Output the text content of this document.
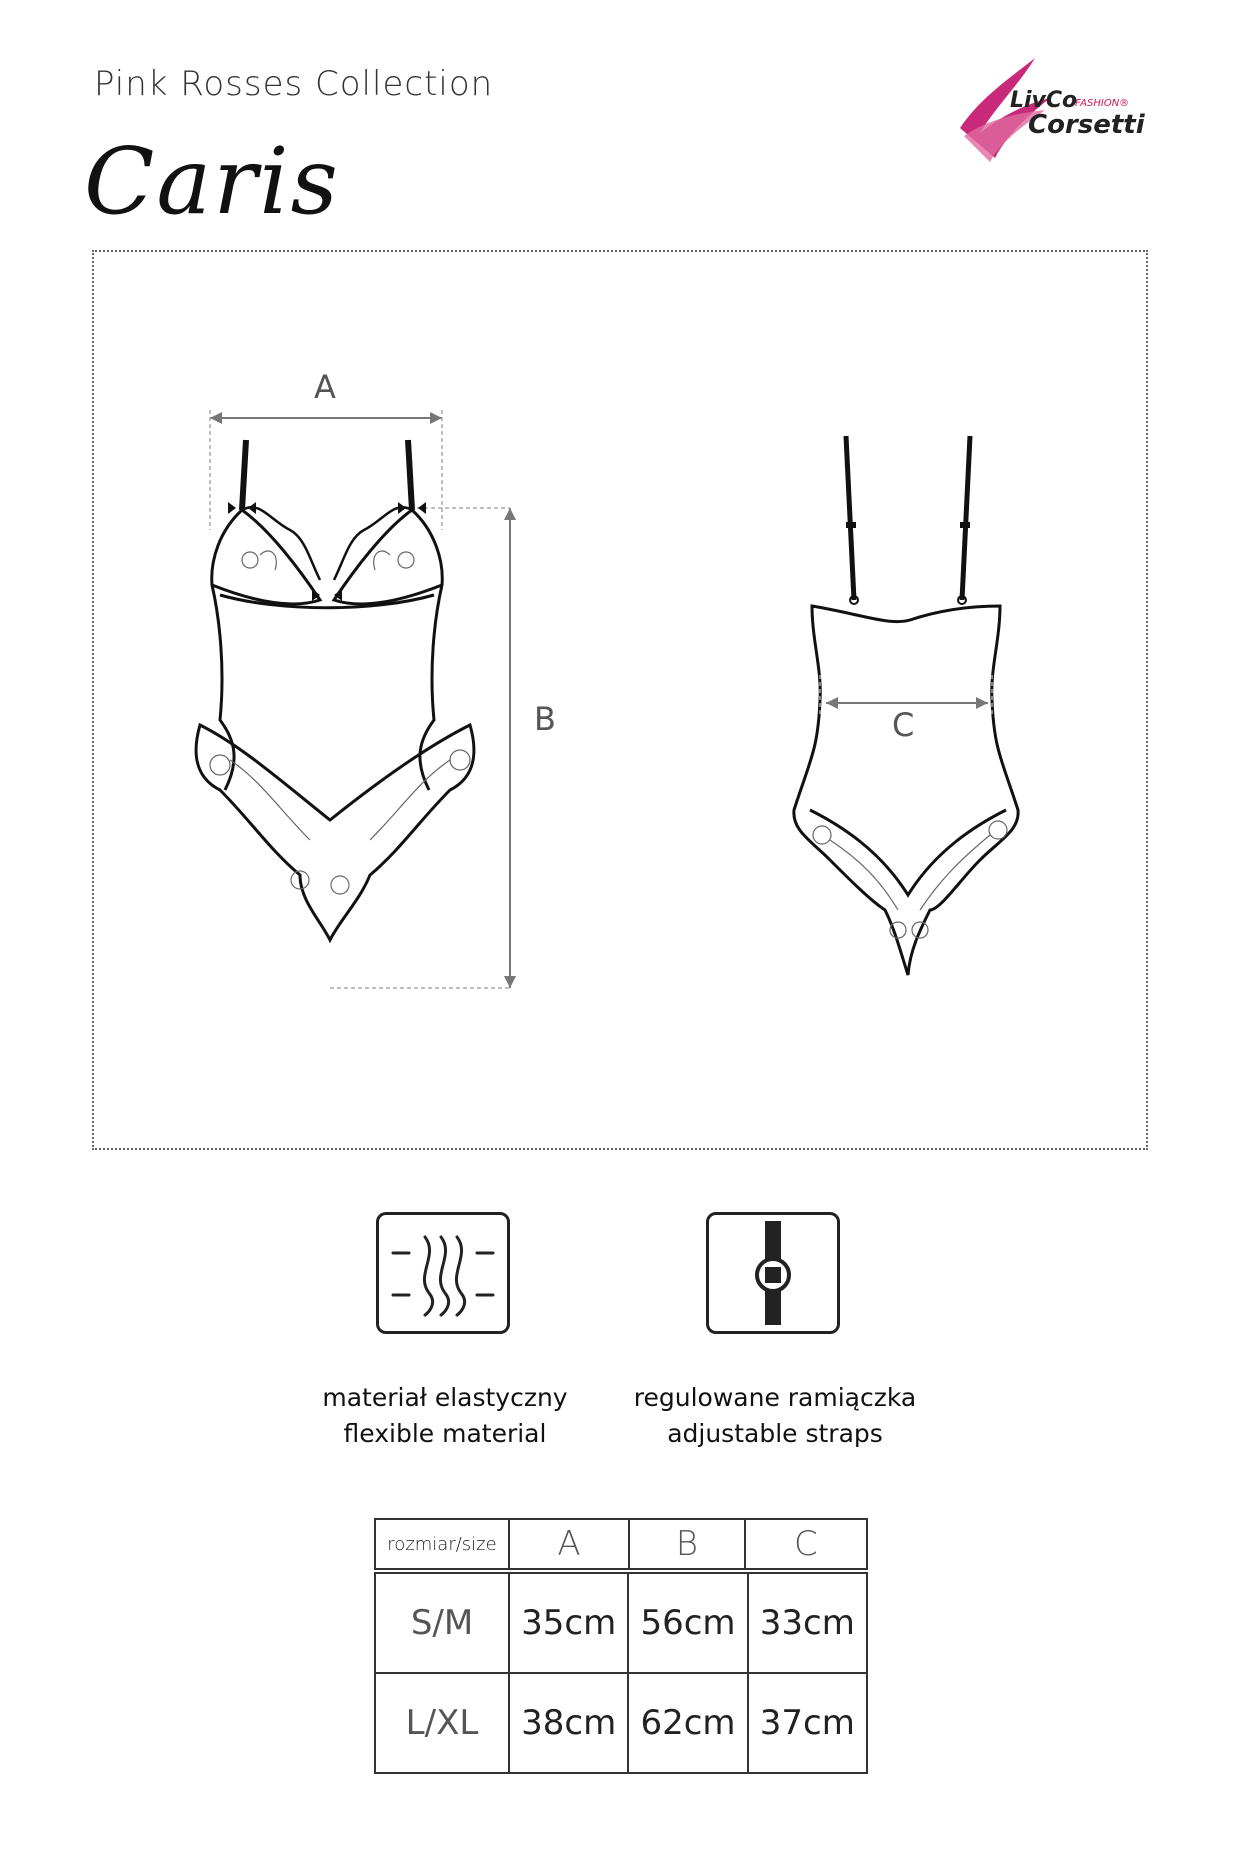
Pink Rosses Collection
Caris
LivCo
FASHION®
Corsetti
A
B	C
materiał elastyczny
flexible material
regulowane ramiączka
adjustable straps
rozmiar/size	A	B	C
S/M	35cm	56cm	33cm
L/XL	38cm	62cm	37cm
